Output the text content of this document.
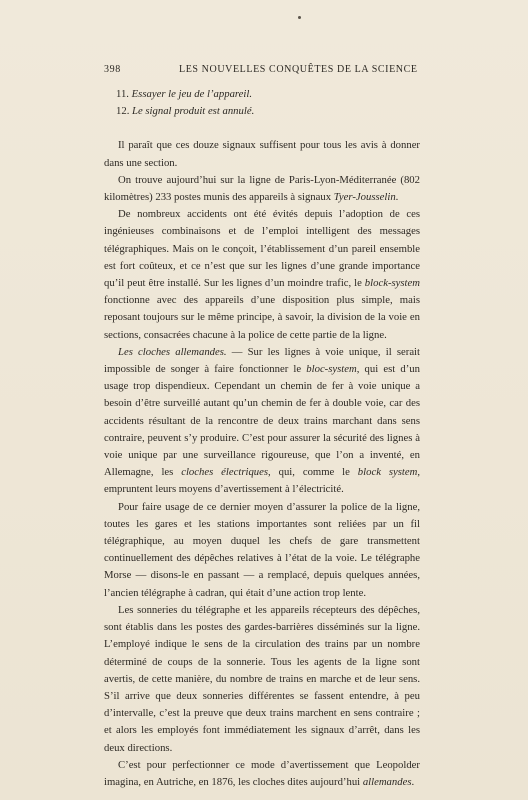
398	LES NOUVELLES CONQUÊTES DE LA SCIENCE
11. Essayer le jeu de l’appareil.
12. Le signal produit est annulé.

Il paraît que ces douze signaux suffisent pour tous les avis à donner dans une section.

On trouve aujourd’hui sur la ligne de Paris-Lyon-Méditerranée (802 kilomètres) 233 postes munis des appareils à signaux Tyer-Jousselin.

De nombreux accidents ont été évités depuis l’adoption de ces ingénieuses combinaisons et de l’emploi intelligent des messages télégraphiques. Mais on le conçoit, l’établissement d’un pareil ensemble est fort coûteux, et ce n’est que sur les lignes d’une grande importance qu’il peut être installé. Sur les lignes d’un moindre trafic, le block-system fonctionne avec des appareils d’une disposition plus simple, mais reposant toujours sur le même principe, à savoir, la division de la voie en sections, consacrées chacune à la police de cette partie de la ligne.

Les cloches allemandes. — Sur les lignes à voie unique, il serait impossible de songer à faire fonctionner le bloc-system, qui est d’un usage trop dispendieux. Cependant un chemin de fer à voie unique a besoin d’être surveillé autant qu’un chemin de fer à double voie, car des accidents résultant de la rencontre de deux trains marchant dans sens contraire, peuvent s’y produire. C’est pour assurer la sécurité des lignes à voie unique par une surveillance rigoureuse, que l’on a inventé, en Allemagne, les cloches électriques, qui, comme le block system, empruntent leurs moyens d’avertissement à l’électricité.

Pour faire usage de ce dernier moyen d’assurer la police de la ligne, toutes les gares et les stations importantes sont reliées par un fil télégraphique, au moyen duquel les chefs de gare transmettent continuellement des dépêches relatives à l’état de la voie. Le télégraphe Morse — disons-le en passant — a remplacé, depuis quelques années, l’ancien télégraphe à cadran, qui était d’une action trop lente.

Les sonneries du télégraphe et les appareils récepteurs des dépêches, sont établis dans les postes des gardes-barrières disséminés sur la ligne. L’employé indique le sens de la circulation des trains par un nombre déterminé de coups de la sonnerie. Tous les agents de la ligne sont avertis, de cette manière, du nombre de trains en marche et de leur sens. S’il arrive que deux sonneries différentes se fassent entendre, à peu d’intervalle, c’est la preuve que deux trains marchent en sens contraire ; et alors les employés font immédiatement les signaux d’arrêt, dans les deux directions.

C’est pour perfectionner ce mode d’avertissement que Leopolder imagina, en Autriche, en 1876, les cloches dites aujourd’hui allemandes.
